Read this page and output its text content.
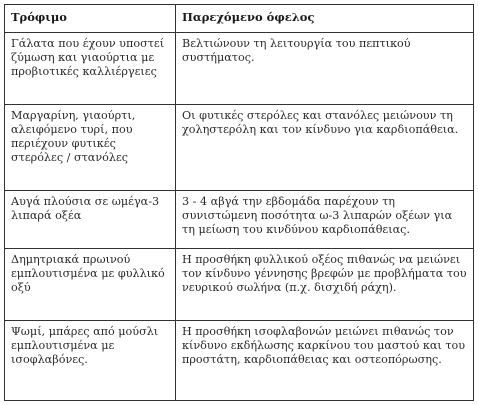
Τρόφιμο	Παρεχόμενο όφελος
Γάλατα που έχουν υποστεί ζύμωση και γιαούρτια με προβιοτικές καλλιέργειες	Βελτιώνουν τη λειτουργία του πεπτικού συστήματος.
Μαργαρίνη, γιαούρτι, αλειφόμενο τυρί, που περιέχουν φυτικές στερόλες / στανόλες	Οι φυτικές στερόλες και στανόλες μειώνουν τη χοληστερόλη και τον κίνδυνο για καρδιοπάθεια.
Αυγά πλούσια σε ωμέγα-3 λιπαρά οξέα	3 - 4 αβγά την εβδομάδα παρέχουν τη συνιστώμενη ποσότητα ω-3 λιπαρών οξέων για τη μείωση του κινδύνου καρδιοπάθειας.
Δημητριακά πρωινού εμπλουτισμένα με φυλλικό οξύ	Η προσθήκη φυλλικού οξέος πιθανώς να μειώνει τον κίνδυνο γέννησης βρεφών με προβλήματα του νευρικού σωλήνα (π.χ. δισχιδή ράχη).
Ψωμί, μπάρες από μούσλι εμπλουτισμένα με ισοφλαβόνες.	Η προσθήκη ισοφλαβονών μειώνει πιθανώς τον κίνδυνο εκδήλωσης καρκίνου του μαστού και του προστάτη, καρδιοπάθειας και οστεοπόρωσης.
